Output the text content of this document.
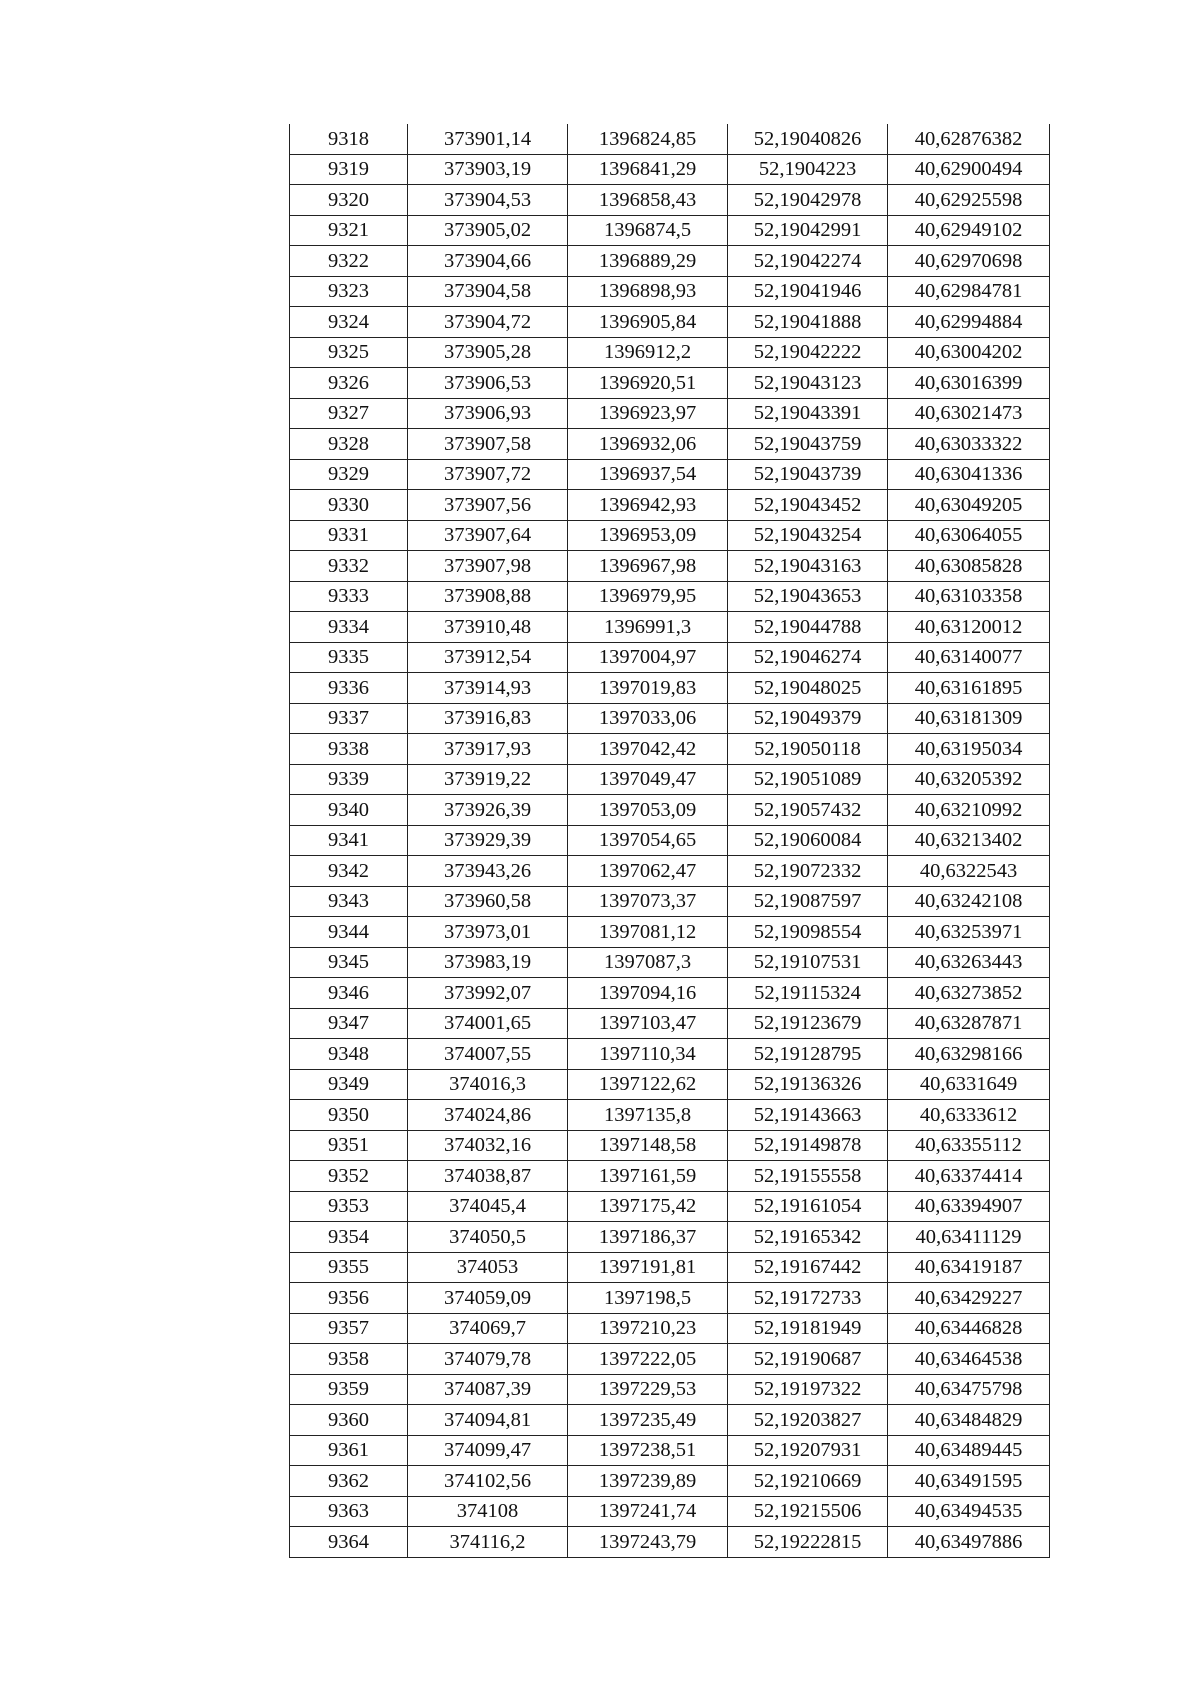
9318	373901,14	1396824,85	52,19040826	40,62876382
9319	373903,19	1396841,29	52,1904223	40,62900494
9320	373904,53	1396858,43	52,19042978	40,62925598
9321	373905,02	1396874,5	52,19042991	40,62949102
9322	373904,66	1396889,29	52,19042274	40,62970698
9323	373904,58	1396898,93	52,19041946	40,62984781
9324	373904,72	1396905,84	52,19041888	40,62994884
9325	373905,28	1396912,2	52,19042222	40,63004202
9326	373906,53	1396920,51	52,19043123	40,63016399
9327	373906,93	1396923,97	52,19043391	40,63021473
9328	373907,58	1396932,06	52,19043759	40,63033322
9329	373907,72	1396937,54	52,19043739	40,63041336
9330	373907,56	1396942,93	52,19043452	40,63049205
9331	373907,64	1396953,09	52,19043254	40,63064055
9332	373907,98	1396967,98	52,19043163	40,63085828
9333	373908,88	1396979,95	52,19043653	40,63103358
9334	373910,48	1396991,3	52,19044788	40,63120012
9335	373912,54	1397004,97	52,19046274	40,63140077
9336	373914,93	1397019,83	52,19048025	40,63161895
9337	373916,83	1397033,06	52,19049379	40,63181309
9338	373917,93	1397042,42	52,19050118	40,63195034
9339	373919,22	1397049,47	52,19051089	40,63205392
9340	373926,39	1397053,09	52,19057432	40,63210992
9341	373929,39	1397054,65	52,19060084	40,63213402
9342	373943,26	1397062,47	52,19072332	40,6322543
9343	373960,58	1397073,37	52,19087597	40,63242108
9344	373973,01	1397081,12	52,19098554	40,63253971
9345	373983,19	1397087,3	52,19107531	40,63263443
9346	373992,07	1397094,16	52,19115324	40,63273852
9347	374001,65	1397103,47	52,19123679	40,63287871
9348	374007,55	1397110,34	52,19128795	40,63298166
9349	374016,3	1397122,62	52,19136326	40,6331649
9350	374024,86	1397135,8	52,19143663	40,6333612
9351	374032,16	1397148,58	52,19149878	40,63355112
9352	374038,87	1397161,59	52,19155558	40,63374414
9353	374045,4	1397175,42	52,19161054	40,63394907
9354	374050,5	1397186,37	52,19165342	40,63411129
9355	374053	1397191,81	52,19167442	40,63419187
9356	374059,09	1397198,5	52,19172733	40,63429227
9357	374069,7	1397210,23	52,19181949	40,63446828
9358	374079,78	1397222,05	52,19190687	40,63464538
9359	374087,39	1397229,53	52,19197322	40,63475798
9360	374094,81	1397235,49	52,19203827	40,63484829
9361	374099,47	1397238,51	52,19207931	40,63489445
9362	374102,56	1397239,89	52,19210669	40,63491595
9363	374108	1397241,74	52,19215506	40,63494535
9364	374116,2	1397243,79	52,19222815	40,63497886
